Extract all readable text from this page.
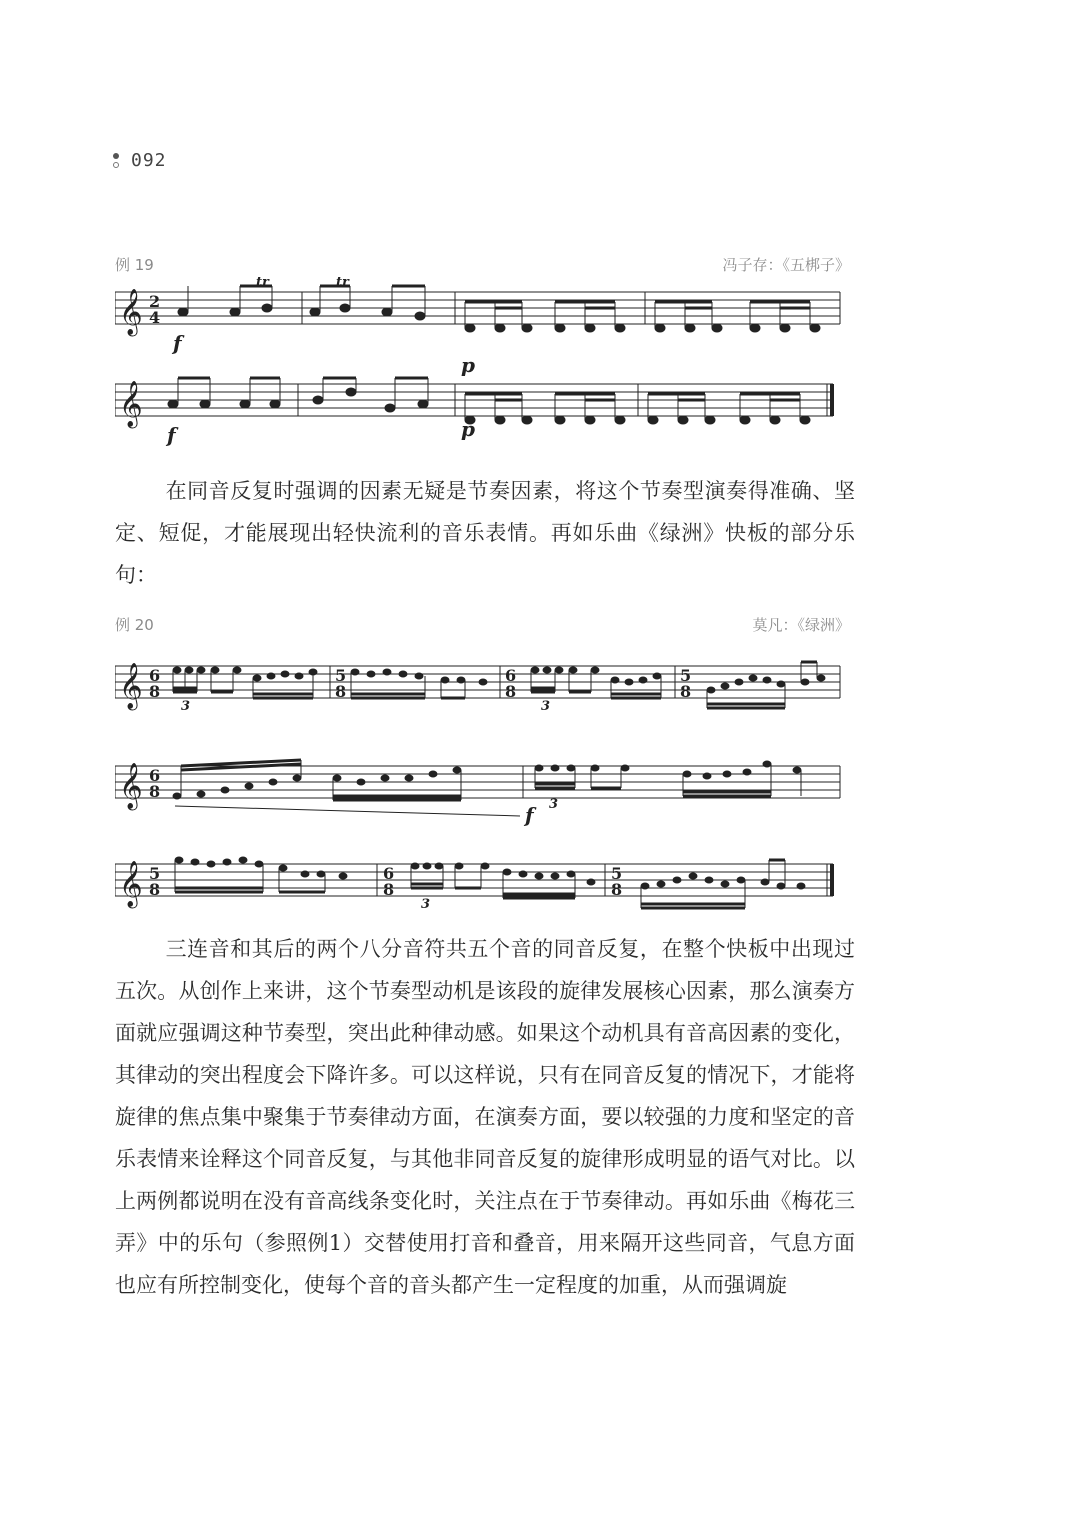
092
例 19	冯子存：《五梆子》
𝄞
𝄞
2
4
tr	tr
f
p
f	p

在同音反复时强调的因素无疑是节奏因素，将这个节奏型演奏得准确、坚定、短促，才能展现出轻快流利的音乐表情。再如乐曲《绿洲》快板的部分乐句：

例 20	莫凡：《绿洲》
𝄞
𝄞
𝄞
6
8
5
8
6
8
5
8
6
8
5
8
6
8
5
8
f
3	3
3
3

三连音和其后的两个八分音符共五个音的同音反复，在整个快板中出现过五次。从创作上来讲，这个节奏型动机是该段的旋律发展核心因素，那么演奏方面就应强调这种节奏型，突出此种律动感。如果这个动机具有音高因素的变化，其律动的突出程度会下降许多。可以这样说，只有在同音反复的情况下，才能将旋律的焦点集中聚集于节奏律动方面，在演奏方面，要以较强的力度和坚定的音乐表情来诠释这个同音反复，与其他非同音反复的旋律形成明显的语气对比。以上两例都说明在没有音高线条变化时，关注点在于节奏律动。再如乐曲《梅花三弄》中的乐句（参照例1）交替使用打音和叠音，用来隔开这些同音，气息方面也应有所控制变化，使每个音的音头都产生一定程度的加重，从而强调旋
